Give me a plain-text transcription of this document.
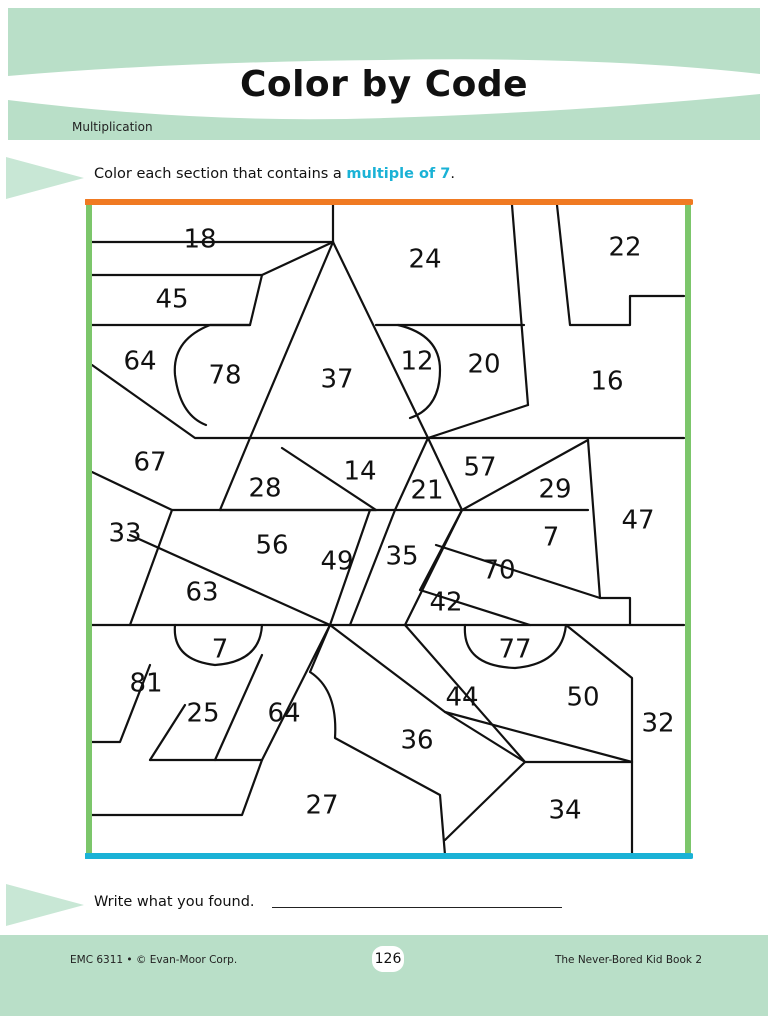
Color by Code
Multiplication
Color each section that contains a multiple of 7.
18
24	22
45
64 78	37
12 20
16
67
28
14
21
57
29
47
33	56
49 35 70
7
63	42
7	77
81
25 64
44	50
32
36
27	34
Write what you found.
EMC 6311 • © Evan-Moor Corp.	126	The Never-Bored Kid Book 2
